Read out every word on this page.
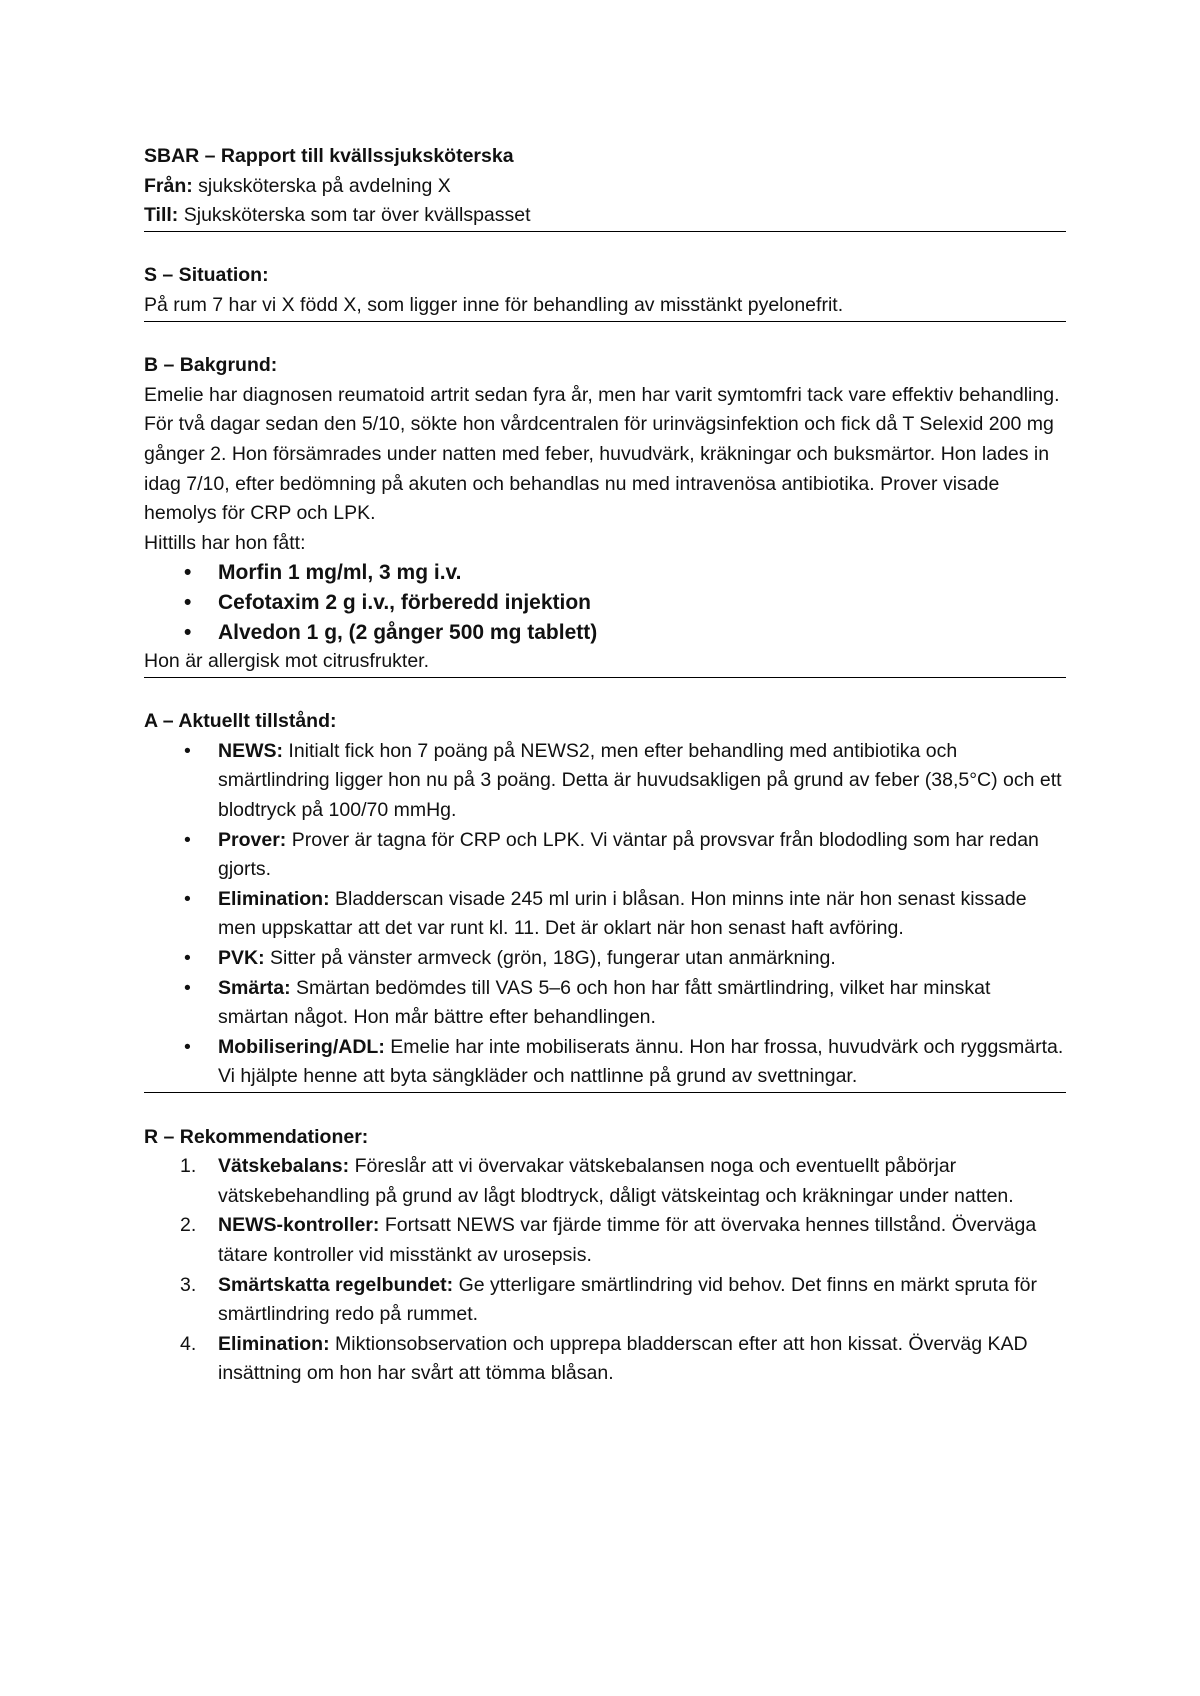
SBAR – Rapport till kvällssjuksköterska

Från: sjuksköterska på avdelning X

Till: Sjuksköterska som tar över kvällspasset

S – Situation:

På rum 7 har vi X född X, som ligger inne för behandling av misstänkt pyelonefrit.

B – Bakgrund:

Emelie har diagnosen reumatoid artrit sedan fyra år, men har varit symtomfri tack vare effektiv behandling. För två dagar sedan den 5/10, sökte hon vårdcentralen för urinvägsinfektion och fick då T Selexid 200 mg gånger 2. Hon försämrades under natten med feber, huvudvärk, kräkningar och buksmärtor. Hon lades in idag 7/10, efter bedömning på akuten och behandlas nu med intravenösa antibiotika. Prover visade hemolys för CRP och LPK.

Hittills har hon fått:

• Morfin 1 mg/ml, 3 mg i.v.
• Cefotaxim 2 g i.v., förberedd injektion
• Alvedon 1 g, (2 gånger 500 mg tablett)

Hon är allergisk mot citrusfrukter.

A – Aktuellt tillstånd:

• NEWS: Initialt fick hon 7 poäng på NEWS2, men efter behandling med antibiotika och smärtlindring ligger hon nu på 3 poäng. Detta är huvudsakligen på grund av feber (38,5°C) och ett blodtryck på 100/70 mmHg.
• Prover: Prover är tagna för CRP och LPK. Vi väntar på provsvar från blododling som har redan gjorts.
• Elimination: Bladderscan visade 245 ml urin i blåsan. Hon minns inte när hon senast kissade men uppskattar att det var runt kl. 11. Det är oklart när hon senast haft avföring.
• PVK: Sitter på vänster armveck (grön, 18G), fungerar utan anmärkning.
• Smärta: Smärtan bedömdes till VAS 5–6 och hon har fått smärtlindring, vilket har minskat smärtan något. Hon mår bättre efter behandlingen.
• Mobilisering/ADL: Emelie har inte mobiliserats ännu. Hon har frossa, huvudvärk och ryggsmärta. Vi hjälpte henne att byta sängkläder och nattlinne på grund av svettningar.

R – Rekommendationer:

1. Vätskebalans: Föreslår att vi övervakar vätskebalansen noga och eventuellt påbörjar vätskebehandling på grund av lågt blodtryck, dåligt vätskeintag och kräkningar under natten.
2. NEWS-kontroller: Fortsatt NEWS var fjärde timme för att övervaka hennes tillstånd. Överväga tätare kontroller vid misstänkt av urosepsis.
3. Smärtskatta regelbundet: Ge ytterligare smärtlindring vid behov. Det finns en märkt spruta för smärtlindring redo på rummet.
4. Elimination: Miktionsobservation och upprepa bladderscan efter att hon kissat. Överväg KAD insättning om hon har svårt att tömma blåsan.
